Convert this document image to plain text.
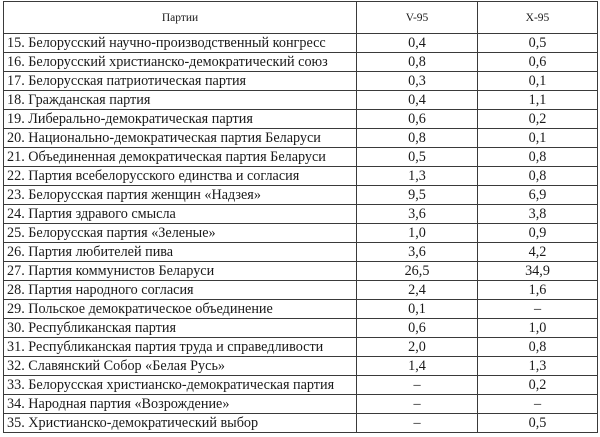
Партии	V-95	X-95
15. Белорусский научно-производственный конгресс	0,4	0,5
16. Белорусский христианско-демократический союз	0,8	0,6
17. Белорусская патриотическая партия	0,3	0,1
18. Гражданская партия	0,4	1,1
19. Либерально-демократическая партия	0,6	0,2
20. Национально-демократическая партия Беларуси	0,8	0,1
21. Объединенная демократическая партия Беларуси	0,5	0,8
22. Партия всебелорусского единства и согласия	1,3	0,8
23. Белорусская партия женщин «Надзея»	9,5	6,9
24. Партия здравого смысла	3,6	3,8
25. Белорусская партия «Зеленые»	1,0	0,9
26. Партия любителей пива	3,6	4,2
27. Партия коммунистов Беларуси	26,5	34,9
28. Партия народного согласия	2,4	1,6
29. Польское демократическое объединение	0,1	–
30. Республиканская партия	0,6	1,0
31. Республиканская партия труда и справедливости	2,0	0,8
32. Славянский Собор «Белая Русь»	1,4	1,3
33. Белорусская христианско-демократическая партия	–	0,2
34. Народная партия «Возрождение»	–	–
35. Христианско-демократический выбор	–	0,5
